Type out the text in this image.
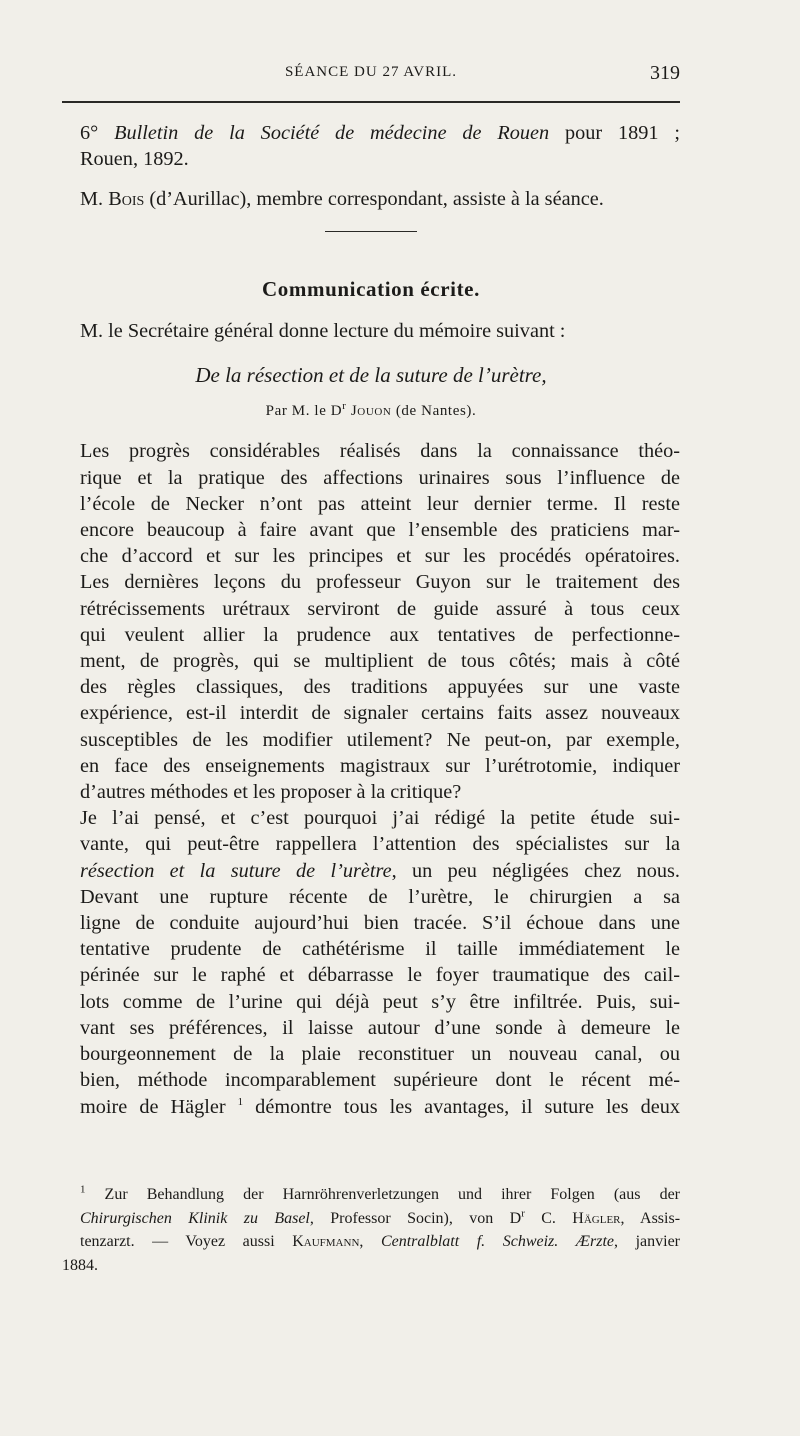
SÉANCE DU 27 AVRIL.	319

6° Bulletin de la Société de médecine de Rouen pour 1891 ;
Rouen, 1892.

M. Bois (d’Aurillac), membre correspondant, assiste à la séance.

Communication écrite.

M. le Secrétaire général donne lecture du mémoire suivant :

De la résection et de la suture de l’urètre,

Par M. le $D^r$ Jouon (de Nantes).

Les progrès considérables réalisés dans la connaissance théo-
rique et la pratique des affections urinaires sous l’influence de
l’école de Necker n’ont pas atteint leur dernier terme. Il reste
encore beaucoup à faire avant que l’ensemble des praticiens mar-
che d’accord et sur les principes et sur les procédés opératoires.
Les dernières leçons du professeur Guyon sur le traitement des
rétrécissements urétraux serviront de guide assuré à tous ceux
qui veulent allier la prudence aux tentatives de perfectionne-
ment, de progrès, qui se multiplient de tous côtés; mais à côté
des règles classiques, des traditions appuyées sur une vaste
expérience, est-il interdit de signaler certains faits assez nouveaux
susceptibles de les modifier utilement? Ne peut-on, par exemple,
en face des enseignements magistraux sur l’urétrotomie, indiquer
d’autres méthodes et les proposer à la critique?

Je l’ai pensé, et c’est pourquoi j’ai rédigé la petite étude sui-
vante, qui peut-être rappellera l’attention des spécialistes sur la
résection et la suture de l’urètre, un peu négligées chez nous.

Devant une rupture récente de l’urètre, le chirurgien a sa
ligne de conduite aujourd’hui bien tracée. S’il échoue dans une
tentative prudente de cathétérisme il taille immédiatement le
périnée sur le raphé et débarrasse le foyer traumatique des cail-
lots comme de l’urine qui déjà peut s’y être infiltrée. Puis, sui-
vant ses préférences, il laisse autour d’une sonde à demeure le
bourgeonnement de la plaie reconstituer un nouveau canal, ou
bien, méthode incomparablement supérieure dont le récent mé-
moire de Hägler $^1$ démontre tous les avantages, il suture les deux

$^1$ Zur Behandlung der Harnröhrenverletzungen und ihrer Folgen (aus der
Chirurgischen Klinik zu Basel, Professor Socin), von $D^r$ C. Hägler, Assis-
tenzarzt. — Voyez aussi Kaufmann, Centralblatt f. Schweiz. Ærzte, janvier
1884.
